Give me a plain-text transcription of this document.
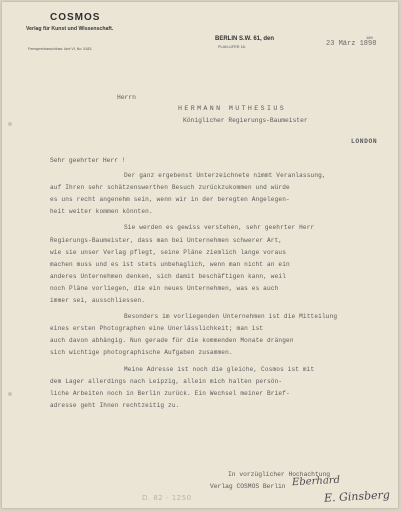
COSMOS
Verlag für Kunst und Wissenschaft.
Fernsprechanschluss: Amt VI, No. 5183.
BERLIN S.W. 61, den
PLAN-UFER 18.
189
23 März 1898
Herrn
HERMANN MUTHESIUS
Königlicher Regierungs-Baumeister
LONDON
Sehr geehrter Herr !
Der ganz ergebenst Unterzeichnete nimmt Veranlassung,
auf Ihren sehr schätzenswerthen Besuch zurückzukommen und würde
es uns recht angenehm sein, wenn wir in der beregten Angelegen-
heit weiter kommen könnten.
Sie werden es gewiss verstehen, sehr geehrter Herr
Regierungs-Baumeister, dass man bei Unternehmen schwerer Art,
wie sie unser Verlag pflegt, seine Pläne ziemlich lange voraus
machen muss und es ist stets unbehaglich, wenn man nicht an ein
anderes Unternehmen denken, sich damit beschäftigen kann, weil
noch Pläne vorliegen, die ein neues Unternehmen, was es auch
immer sei, ausschliessen.
Besonders im vorliegenden Unternehmen ist die Mitteilung
eines ersten Photographen eine Unerlässlichkeit; man ist
auch davon abhängig. Nun gerade für die kommenden Monate drängen
sich wichtige photographische Aufgaben zusammen.
Meine Adresse ist noch die gleiche, Cosmos ist mit
dem Lager allerdings nach Leipzig, allein mich halten persön-
liche Arbeiten noch in Berlin zurück. Ein Wechsel meiner Brief-
adresse geht Ihnen rechtzeitig zu.
In vorzüglicher Hochachtung
Verlag COSMOS Berlin Eberhard
E. Ginsberg
D. 82 - 1250
